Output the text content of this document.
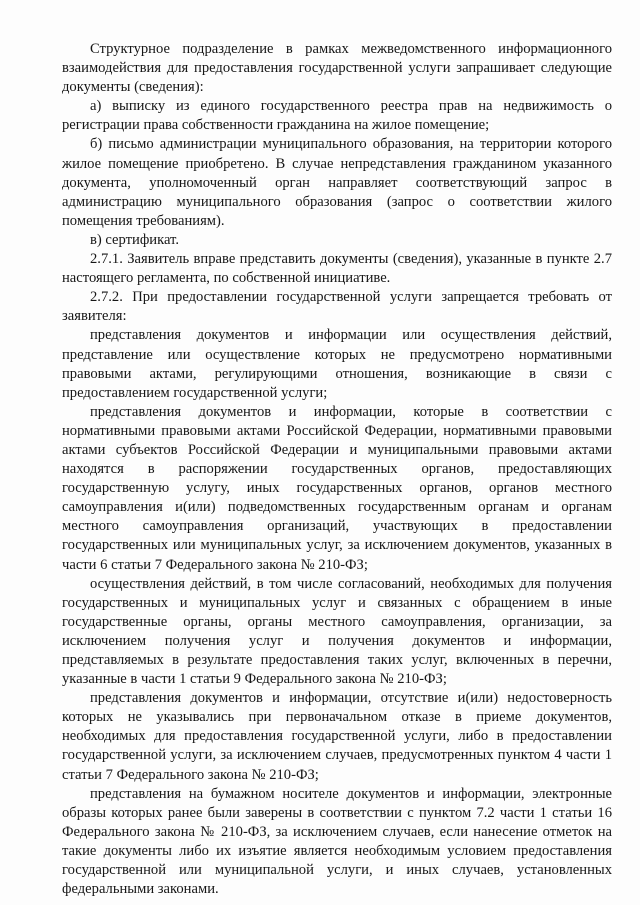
Структурное подразделение в рамках межведомственного информационного взаимодействия для предоставления государственной услуги запрашивает следующие документы (сведения):

а) выписку из единого государственного реестра прав на недвижимость о регистрации права собственности гражданина на жилое помещение;

б) письмо администрации муниципального образования, на территории которого жилое помещение приобретено. В случае непредставления гражданином указанного документа, уполномоченный орган направляет соответствующий запрос в администрацию муниципального образования (запрос о соответствии жилого помещения требованиям).

в) сертификат.

2.7.1. Заявитель вправе представить документы (сведения), указанные в пункте 2.7 настоящего регламента, по собственной инициативе.

2.7.2. При предоставлении государственной услуги запрещается требовать от заявителя:

представления документов и информации или осуществления действий, представление или осуществление которых не предусмотрено нормативными правовыми актами, регулирующими отношения, возникающие в связи с предоставлением государственной услуги;

представления документов и информации, которые в соответствии с нормативными правовыми актами Российской Федерации, нормативными правовыми актами субъектов Российской Федерации и муниципальными правовыми актами находятся в распоряжении государственных органов, предоставляющих государственную услугу, иных государственных органов, органов местного самоуправления и(или) подведомственных государственным органам и органам местного самоуправления организаций, участвующих в предоставлении государственных или муниципальных услуг, за исключением документов, указанных в части 6 статьи 7 Федерального закона № 210-ФЗ;

осуществления действий, в том числе согласований, необходимых для получения государственных и муниципальных услуг и связанных с обращением в иные государственные органы, органы местного самоуправления, организации, за исключением получения услуг и получения документов и информации, представляемых в результате предоставления таких услуг, включенных в перечни, указанные в части 1 статьи 9 Федерального закона № 210-ФЗ;

представления документов и информации, отсутствие и(или) недостоверность которых не указывались при первоначальном отказе в приеме документов, необходимых для предоставления государственной услуги, либо в предоставлении государственной услуги, за исключением случаев, предусмотренных пунктом 4 части 1 статьи 7 Федерального закона № 210-ФЗ;

представления на бумажном носителе документов и информации, электронные образы которых ранее были заверены в соответствии с пунктом 7.2 части 1 статьи 16 Федерального закона № 210-ФЗ, за исключением случаев, если нанесение отметок на такие документы либо их изъятие является необходимым условием предоставления государственной или муниципальной услуги, и иных случаев, установленных федеральными законами.
